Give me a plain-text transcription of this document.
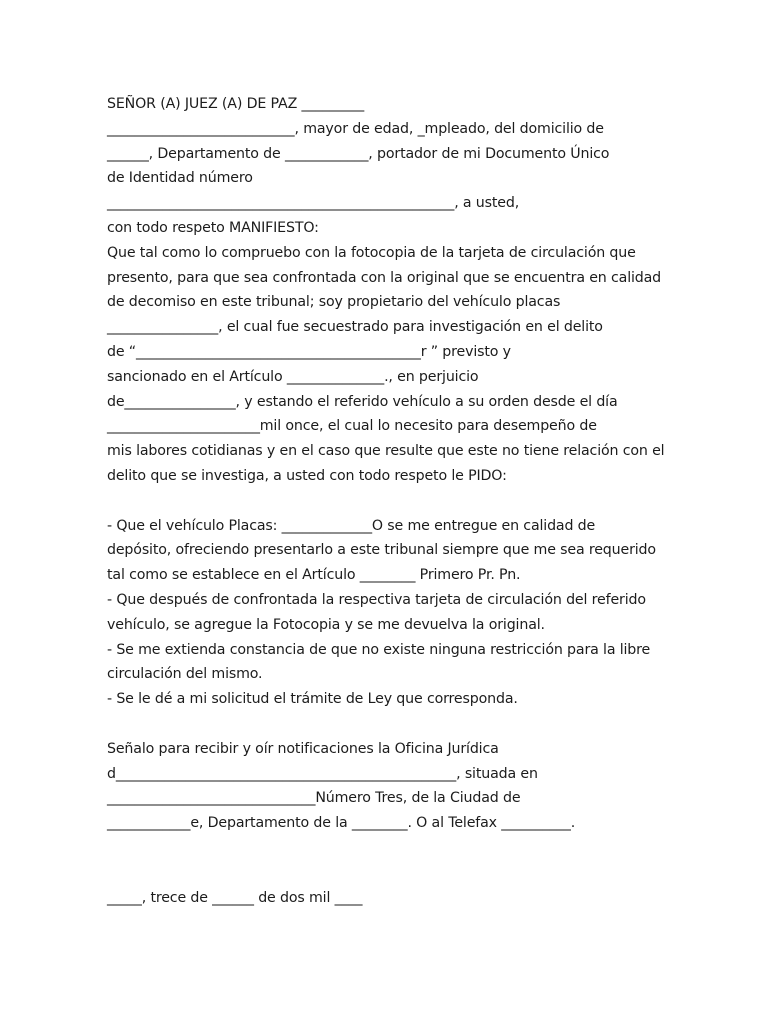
SEÑOR (A) JUEZ (A) DE PAZ _________
___________________________, mayor de edad, _mpleado, del domicilio de
______, Departamento de ____________, portador de mi Documento Único
de Identidad número
__________________________________________________, a usted,
con todo respeto MANIFIESTO:
Que tal como lo compruebo con la fotocopia de la tarjeta de circulación que
presento, para que sea confrontada con la original que se encuentra en calidad
de decomiso en este tribunal; soy propietario del vehículo placas
________________, el cual fue secuestrado para investigación en el delito
de “_________________________________________r ” previsto y
sancionado en el Artículo ______________., en perjuicio
de________________, y estando el referido vehículo a su orden desde el día
______________________mil once, el cual lo necesito para desempeño de
mis labores cotidianas y en el caso que resulte que este no tiene relación con el
delito que se investiga, a usted con todo respeto le PIDO:
- Que el vehículo Placas: _____________O se me entregue en calidad de
depósito, ofreciendo presentarlo a este tribunal siempre que me sea requerido
tal como se establece en el Artículo ________ Primero Pr. Pn.
- Que después de confrontada la respectiva tarjeta de circulación del referido
vehículo, se agregue la Fotocopia y se me devuelva la original.
- Se me extienda constancia de que no existe ninguna restricción para la libre
circulación del mismo.
- Se le dé a mi solicitud el trámite de Ley que corresponda.
Señalo para recibir y oír notificaciones la Oficina Jurídica
d_________________________________________________, situada en
______________________________Número Tres, de la Ciudad de
____________e, Departamento de la ________. O al Telefax __________.
_____, trece de ______ de dos mil ____
